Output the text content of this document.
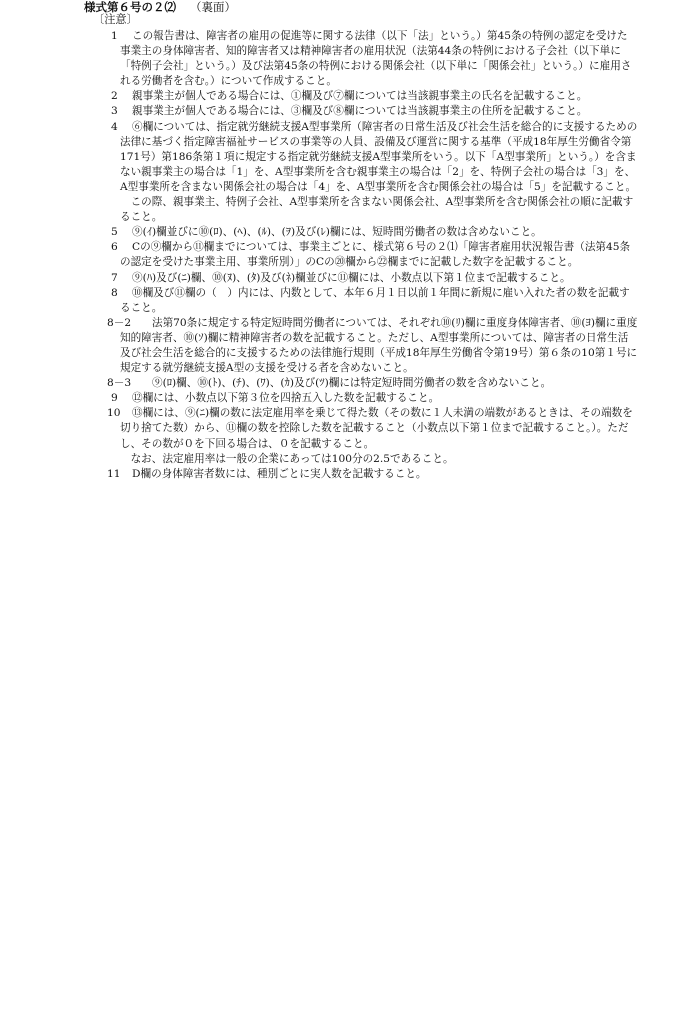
様式第６号の２⑵ （裏面）
〔注意〕
1	この報告書は、障害者の雇用の促進等に関する法律（以下「法」という。）第45条の特例の認定を受けた事業主の身体障害者、知的障害者又は精神障害者の雇用状況（法第44条の特例における子会社（以下単に「特例子会社」という。）及び法第45条の特例における関係会社（以下単に「関係会社」という。）に雇用される労働者を含む。）について作成すること。
2	親事業主が個人である場合には、①欄及び⑦欄については当該親事業主の氏名を記載すること。
3	親事業主が個人である場合には、③欄及び⑧欄については当該親事業主の住所を記載すること。
4	⑥欄については、指定就労継続支援A型事業所（障害者の日常生活及び社会生活を総合的に支援するための法律に基づく指定障害福祉サービスの事業等の人員、設備及び運営に関する基準（平成18年厚生労働省令第171号）第186条第１項に規定する指定就労継続支援A型事業所をいう。以下「A型事業所」という。）を含まない親事業主の場合は「1」を、A型事業所を含む親事業主の場合は「2」を、特例子会社の場合は「3」を、A型事業所を含まない関係会社の場合は「4」を、A型事業所を含む関係会社の場合は「5」を記載すること。
この際、親事業主、特例子会社、A型事業所を含まない関係会社、A型事業所を含む関係会社の順に記載すること。
5	⑨(ｲ)欄並びに⑩(ﾛ)、(ﾍ)、(ﾙ)、(ｦ)及び(ﾚ)欄には、短時間労働者の数は含めないこと。
6	Cの⑨欄から⑪欄までについては、事業主ごとに、様式第６号の２⑴「障害者雇用状況報告書（法第45条の認定を受けた事業主用、事業所別）」のCの⑳欄から㉒欄までに記載した数字を記載すること。
7	⑨(ﾊ)及び(ﾆ)欄、⑩(ﾇ)、(ﾀ)及び(ﾈ)欄並びに⑪欄には、小数点以下第１位まで記載すること。
8	⑩欄及び⑪欄の（　）内には、内数として、本年６月１日以前１年間に新規に雇い入れた者の数を記載すること。
8－2	法第70条に規定する特定短時間労働者については、それぞれ⑩(ﾘ)欄に重度身体障害者、⑩(ﾖ)欄に重度知的障害者、⑩(ｿ)欄に精神障害者の数を記載すること。ただし、A型事業所については、障害者の日常生活及び社会生活を総合的に支援するための法律施行規則（平成18年厚生労働省令第19号）第６条の10第１号に規定する就労継続支援A型の支援を受ける者を含めないこと。
8－3	⑨(ﾛ)欄、⑩(ﾄ)、(ﾁ)、(ﾜ)、(ｶ)及び(ﾂ)欄には特定短時間労働者の数を含めないこと。
9	⑫欄には、小数点以下第３位を四捨五入した数を記載すること。
10	⑬欄には、⑨(ﾆ)欄の数に法定雇用率を乗じて得た数（その数に１人未満の端数があるときは、その端数を切り捨てた数）から、⑪欄の数を控除した数を記載すること（小数点以下第１位まで記載すること。）。ただし、その数が０を下回る場合は、０を記載すること。
なお、法定雇用率は一般の企業にあっては100分の2.5であること。
11	D欄の身体障害者数には、種別ごとに実人数を記載すること。
